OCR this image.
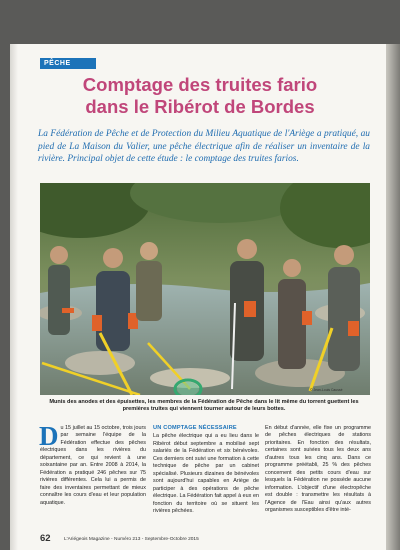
PÊCHE
Comptage des truites fario
dans le Ribérot de Bordes
La Fédération de Pêche et de Protection du Milieu Aquatique de l'Ariège a pratiqué, au pied de La Maison du Valier, une pêche électrique afin de réaliser un inventaire de la rivière. Principal objet de cette étude : le comptage des truites farios.
© Jean-Louis Caussé
Munis des anodes et des épuisettes, les membres de la Fédération de Pêche dans le lit même du torrent guettent les premières truites qui viennent tourner autour de leurs bottes.
D u 15 juillet au 15 octobre, trois jours par semaine l'équipe de la Fédération effectue des pêches électriques dans les rivières du département, ce qui revient à une soixantaine par an. Entre 2008 à 2014, la Fédération a pratiqué 246 pêches sur 75 rivières différentes. Cela lui a permis de faire des inventaires permettant de mieux connaître les cours d'eau et leur population aquatique.
UN COMPTAGE NÉCESSAIRE
La pêche électrique qui a eu lieu dans le Ribérot début septembre a mobilisé sept salariés de la Fédération et six bénévoles. Ces derniers ont suivi une formation à cette technique de pêche par un cabinet spécialisé. Plusieurs dizaines de bénévoles sont aujourd'hui capables en Ariège de participer à des opérations de pêche électrique. La Fédération fait appel à eux en fonction du territoire où se situent les rivières pêchées.
En début d'année, elle fixe un programme de pêches électriques de stations prioritaires. En fonction des résultats, certaines sont suivies tous les deux ans d'autres tous les cinq ans. Dans ce programme préétabli, 25 % des pêches concernent des petits cours d'eau sur lesquels la Fédération ne possède aucune information. L'objectif d'une électropêche est double : transmettre les résultats à l'Agence de l'Eau ainsi qu'aux autres organismes susceptibles d'être inté-
62	L'Ariégeois Magazine - Numéro 213 - Septembre-Octobre 2015
